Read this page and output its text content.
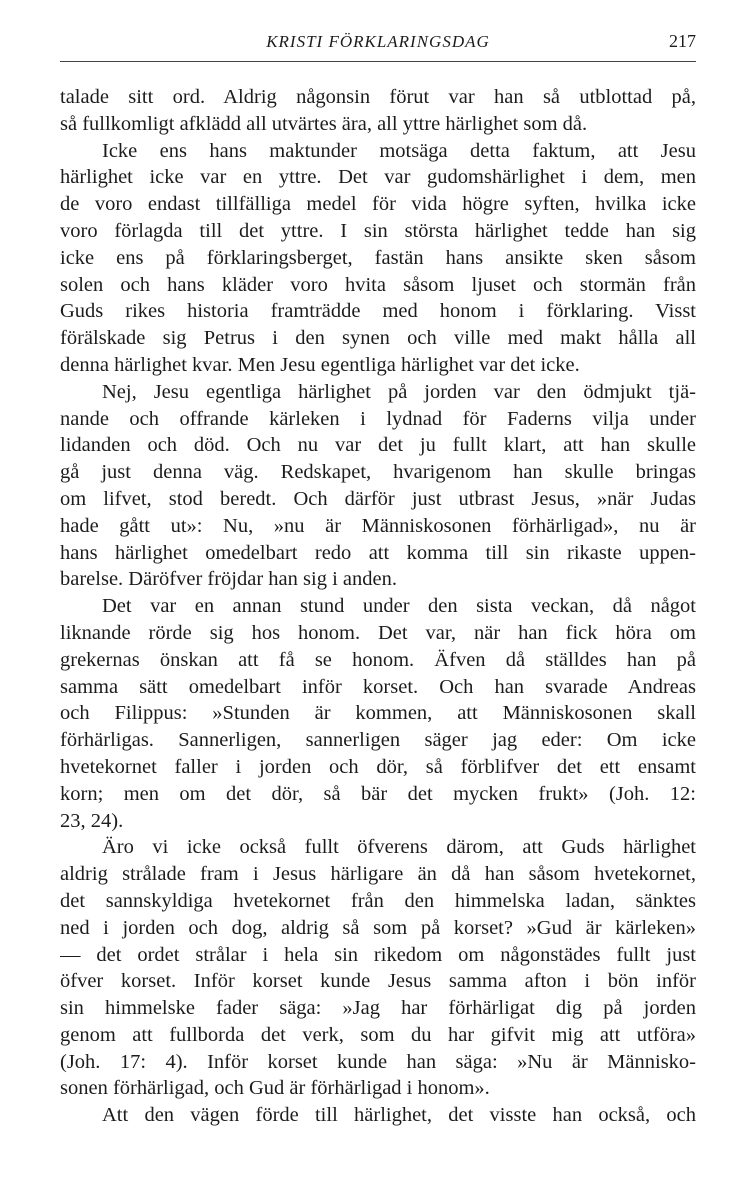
KRISTI FÖRKLARINGSDAG	217
talade sitt ord. Aldrig någonsin förut var han så utblottad på,
så fullkomligt afklädd all utvärtes ära, all yttre härlighet som då.
Icke ens hans maktunder motsäga detta faktum, att Jesu
härlighet icke var en yttre. Det var gudomshärlighet i dem, men
de voro endast tillfälliga medel för vida högre syften, hvilka icke
voro förlagda till det yttre. I sin största härlighet tedde han sig
icke ens på förklaringsberget, fastän hans ansikte sken såsom
solen och hans kläder voro hvita såsom ljuset och stormän från
Guds rikes historia framträdde med honom i förklaring. Visst
förälskade sig Petrus i den synen och ville med makt hålla all
denna härlighet kvar. Men Jesu egentliga härlighet var det icke.
Nej, Jesu egentliga härlighet på jorden var den ödmjukt tjä-
nande och offrande kärleken i lydnad för Faderns vilja under
lidanden och död. Och nu var det ju fullt klart, att han skulle
gå just denna väg. Redskapet, hvarigenom han skulle bringas
om lifvet, stod beredt. Och därför just utbrast Jesus, »när Judas
hade gått ut»: Nu, »nu är Människosonen förhärligad», nu är
hans härlighet omedelbart redo att komma till sin rikaste uppen-
barelse. Däröfver fröjdar han sig i anden.
Det var en annan stund under den sista veckan, då något
liknande rörde sig hos honom. Det var, när han fick höra om
grekernas önskan att få se honom. Äfven då ställdes han på
samma sätt omedelbart inför korset. Och han svarade Andreas
och Filippus: »Stunden är kommen, att Människosonen skall
förhärligas. Sannerligen, sannerligen säger jag eder: Om icke
hvetekornet faller i jorden och dör, så förblifver det ett ensamt
korn; men om det dör, så bär det mycken frukt» (Joh. 12:
23, 24).
Äro vi icke också fullt öfverens därom, att Guds härlighet
aldrig strålade fram i Jesus härligare än då han såsom hvetekornet,
det sannskyldiga hvetekornet från den himmelska ladan, sänktes
ned i jorden och dog, aldrig så som på korset? »Gud är kärleken»
— det ordet strålar i hela sin rikedom om någonstädes fullt just
öfver korset. Inför korset kunde Jesus samma afton i bön inför
sin himmelske fader säga: »Jag har förhärligat dig på jorden
genom att fullborda det verk, som du har gifvit mig att utföra»
(Joh. 17: 4). Inför korset kunde han säga: »Nu är Människo-
sonen förhärligad, och Gud är förhärligad i honom».
Att den vägen förde till härlighet, det visste han också, och
